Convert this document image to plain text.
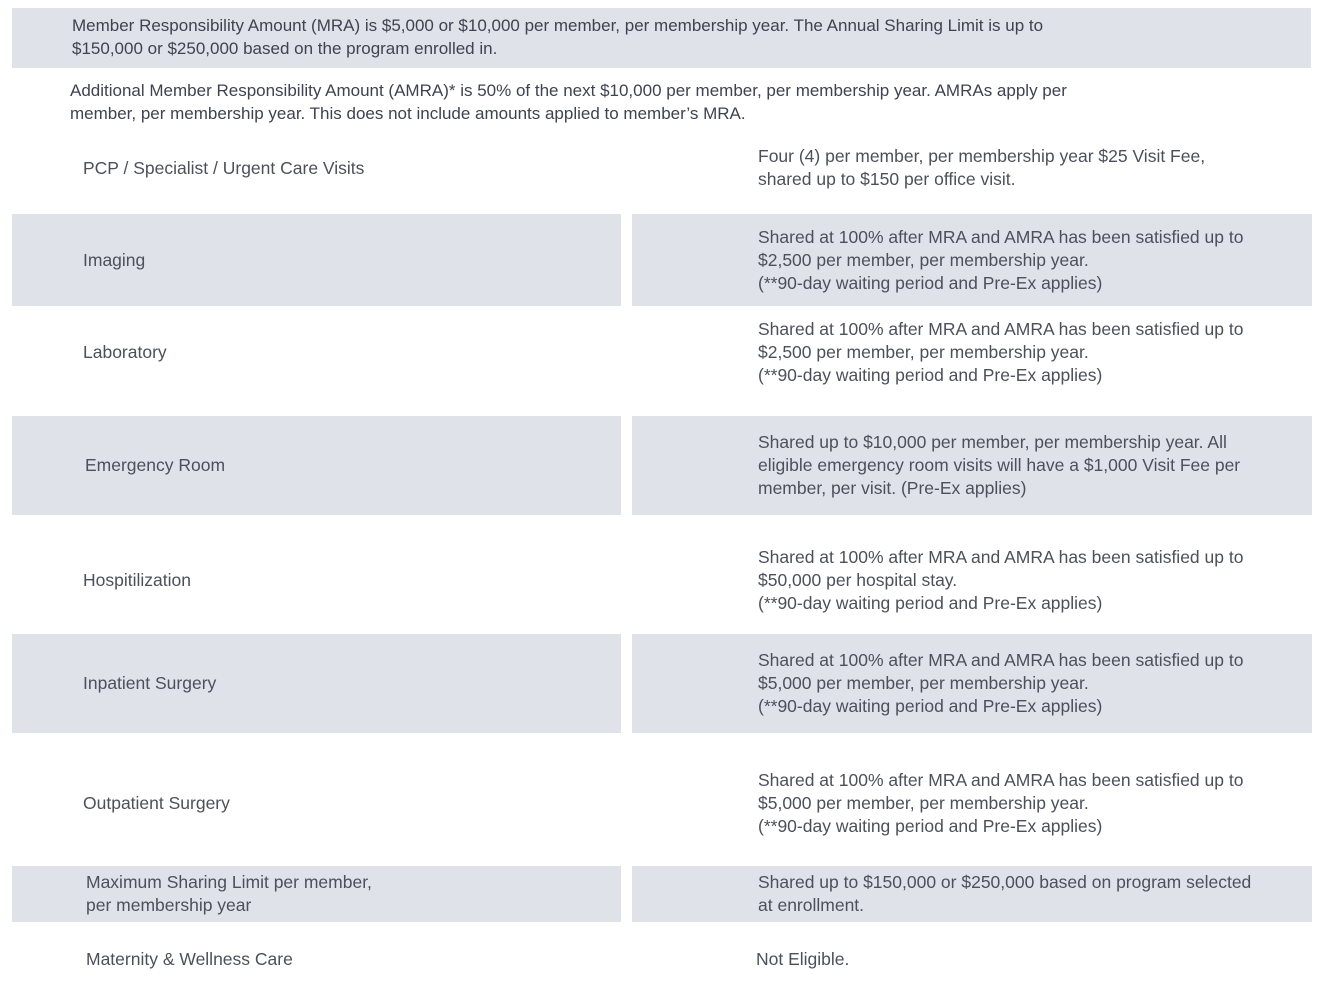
Member Responsibility Amount (MRA) is $5,000 or $10,000 per member, per membership year. The Annual Sharing Limit is up to
$150,000 or $250,000 based on the program enrolled in.
Additional Member Responsibility Amount (AMRA)* is 50% of the next $10,000 per member, per membership year. AMRAs apply per
member, per membership year. This does not include amounts applied to member’s MRA.
PCP / Specialist / Urgent Care Visits
Four (4) per member, per membership year $25 Visit Fee,
shared up to $150 per office visit.
Imaging
Shared at 100% after MRA and AMRA has been satisfied up to
$2,500 per member, per membership year.
(**90-day waiting period and Pre-Ex applies)
Laboratory
Shared at 100% after MRA and AMRA has been satisfied up to
$2,500 per member, per membership year.
(**90-day waiting period and Pre-Ex applies)
Emergency Room
Shared up to $10,000 per member, per membership year. All
eligible emergency room visits will have a $1,000 Visit Fee per
member, per visit. (Pre-Ex applies)
Hospitilization
Shared at 100% after MRA and AMRA has been satisfied up to
$50,000 per hospital stay.
(**90-day waiting period and Pre-Ex applies)
Inpatient Surgery
Shared at 100% after MRA and AMRA has been satisfied up to
$5,000 per member, per membership year.
(**90-day waiting period and Pre-Ex applies)
Outpatient Surgery
Shared at 100% after MRA and AMRA has been satisfied up to
$5,000 per member, per membership year.
(**90-day waiting period and Pre-Ex applies)
Maximum Sharing Limit per member,
per membership year
Shared up to $150,000 or $250,000 based on program selected
at enrollment.
Maternity & Wellness Care	Not Eligible.
